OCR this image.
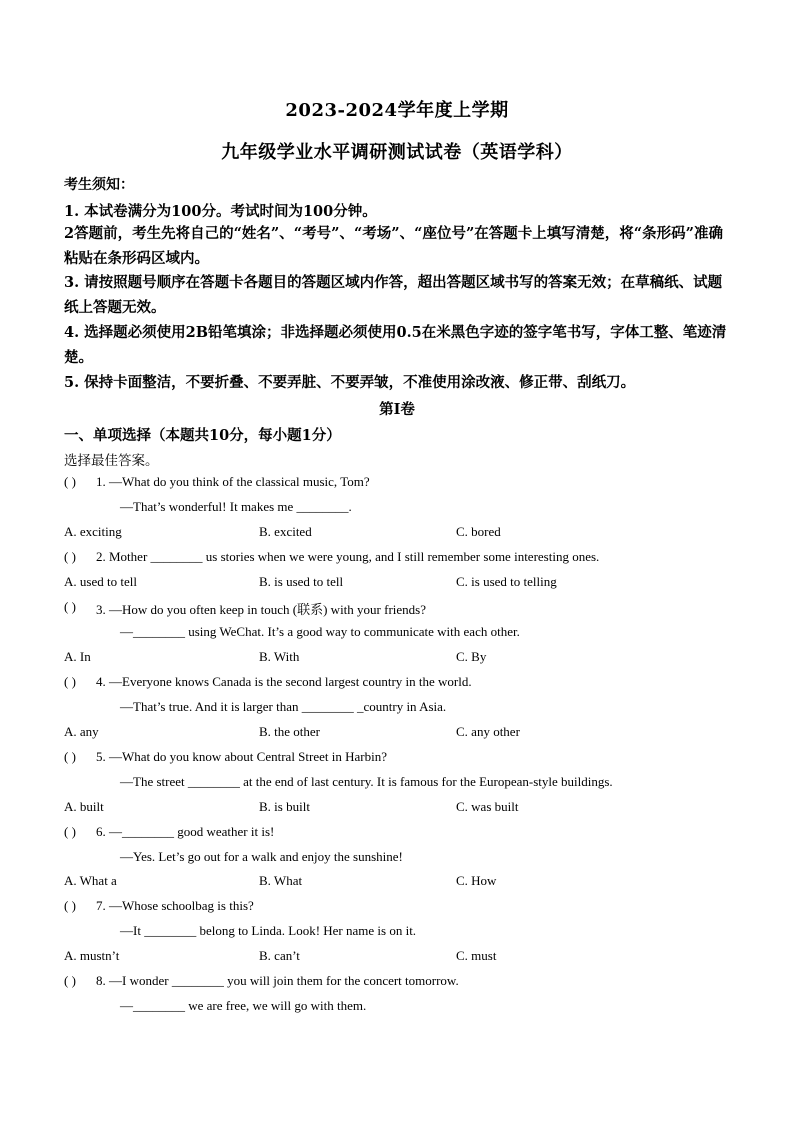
2023-2024学年度上学期
九年级学业水平调研测试试卷（英语学科）
考生须知：
1. 本试卷满分为100分。考试时间为100分钟。
2答题前，考生先将自己的“姓名”、“考号”、“考场”、“座位号”在答题卡上填写清楚，将“条形码”准确粘贴在条形码区域内。
3. 请按照题号顺序在答题卡各题目的答题区域内作答，超出答题区域书写的答案无效；在草稿纸、试题纸上答题无效。
4. 选择题必须使用2B铅笔填涂；非选择题必须使用0.5在米黑色字迹的签字笔书写，字体工整、笔迹清楚。
5. 保持卡面整洁，不要折叠、不要弄脏、不要弄皱，不准使用涂改液、修正带、刮纸刀。
第Ⅰ卷
一、单项选择（本题共10分，每小题1分）
选择最佳答案。
( ) 1. —What do you think of the classical music, Tom?
—That’s wonderful! It makes me ________.
A. exciting	B. excited	C. bored
( ) 2. Mother ________ us stories when we were young, and I still remember some interesting ones.
A. used to tell	B. is used to tell	C. is used to telling
( ) 3. —How do you often keep in touch (联系) with your friends?
—________ using WeChat. It’s a good way to communicate with each other.
A. In	B. With	C. By
( ) 4. —Everyone knows Canada is the second largest country in the world.
—That’s true. And it is larger than ________ _country in Asia.
A. any	B. the other	C. any other
( ) 5. —What do you know about Central Street in Harbin?
—The street ________ at the end of last century. It is famous for the European-style buildings.
A. built	B. is built	C. was built
( ) 6. —________ good weather it is!
—Yes. Let’s go out for a walk and enjoy the sunshine!
A. What a	B. What	C. How
( ) 7. —Whose schoolbag is this?
—It ________ belong to Linda. Look! Her name is on it.
A. mustn’t	B. can’t	C. must
( ) 8. —I wonder ________ you will join them for the concert tomorrow.
—________ we are free, we will go with them.
